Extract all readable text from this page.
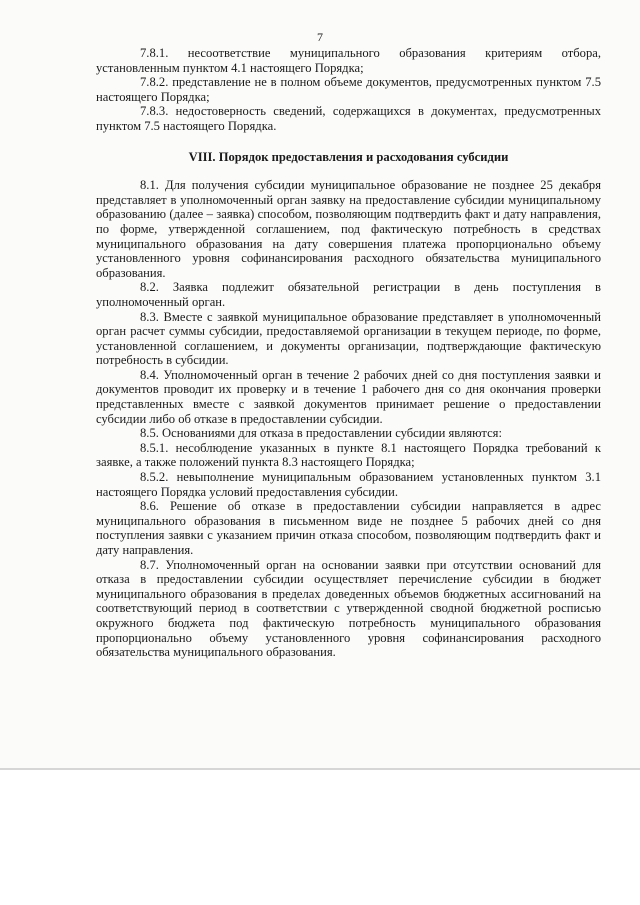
7

7.8.1. несоответствие муниципального образования критериям отбора, установленным пунктом 4.1 настоящего Порядка;

7.8.2. представление не в полном объеме документов, предусмотренных пунктом 7.5 настоящего Порядка;

7.8.3. недостоверность сведений, содержащихся в документах, предусмотренных пунктом 7.5 настоящего Порядка.

VIII. Порядок предоставления и расходования субсидии

8.1. Для получения субсидии муниципальное образование не позднее 25 декабря представляет в уполномоченный орган заявку на предоставление субсидии муниципальному образованию (далее – заявка) способом, позволяющим подтвердить факт и дату направления, по форме, утвержденной соглашением, под фактическую потребность в средствах муниципального образования на дату совершения платежа пропорционально объему установленного уровня софинансирования расходного обязательства муниципального образования.

8.2. Заявка подлежит обязательной регистрации в день поступления в уполномоченный орган.

8.3. Вместе с заявкой муниципальное образование представляет в уполномоченный орган расчет суммы субсидии, предоставляемой организации в текущем периоде, по форме, установленной соглашением, и документы организации, подтверждающие фактическую потребность в субсидии.

8.4. Уполномоченный орган в течение 2 рабочих дней со дня поступления заявки и документов проводит их проверку и в течение 1 рабочего дня со дня окончания проверки представленных вместе с заявкой документов принимает решение о предоставлении субсидии либо об отказе в предоставлении субсидии.

8.5. Основаниями для отказа в предоставлении субсидии являются:

8.5.1. несоблюдение указанных в пункте 8.1 настоящего Порядка требований к заявке, а также положений пункта 8.3 настоящего Порядка;

8.5.2. невыполнение муниципальным образованием установленных пунктом 3.1 настоящего Порядка условий предоставления субсидии.

8.6. Решение об отказе в предоставлении субсидии направляется в адрес муниципального образования в письменном виде не позднее 5 рабочих дней со дня поступления заявки с указанием причин отказа способом, позволяющим подтвердить факт и дату направления.

8.7. Уполномоченный орган на основании заявки при отсутствии оснований для отказа в предоставлении субсидии осуществляет перечисление субсидии в бюджет муниципального образования в пределах доведенных объемов бюджетных ассигнований на соответствующий период в соответствии с утвержденной сводной бюджетной росписью окружного бюджета под фактическую потребность муниципального образования пропорционально объему установленного уровня софинансирования расходного обязательства муниципального образования.
